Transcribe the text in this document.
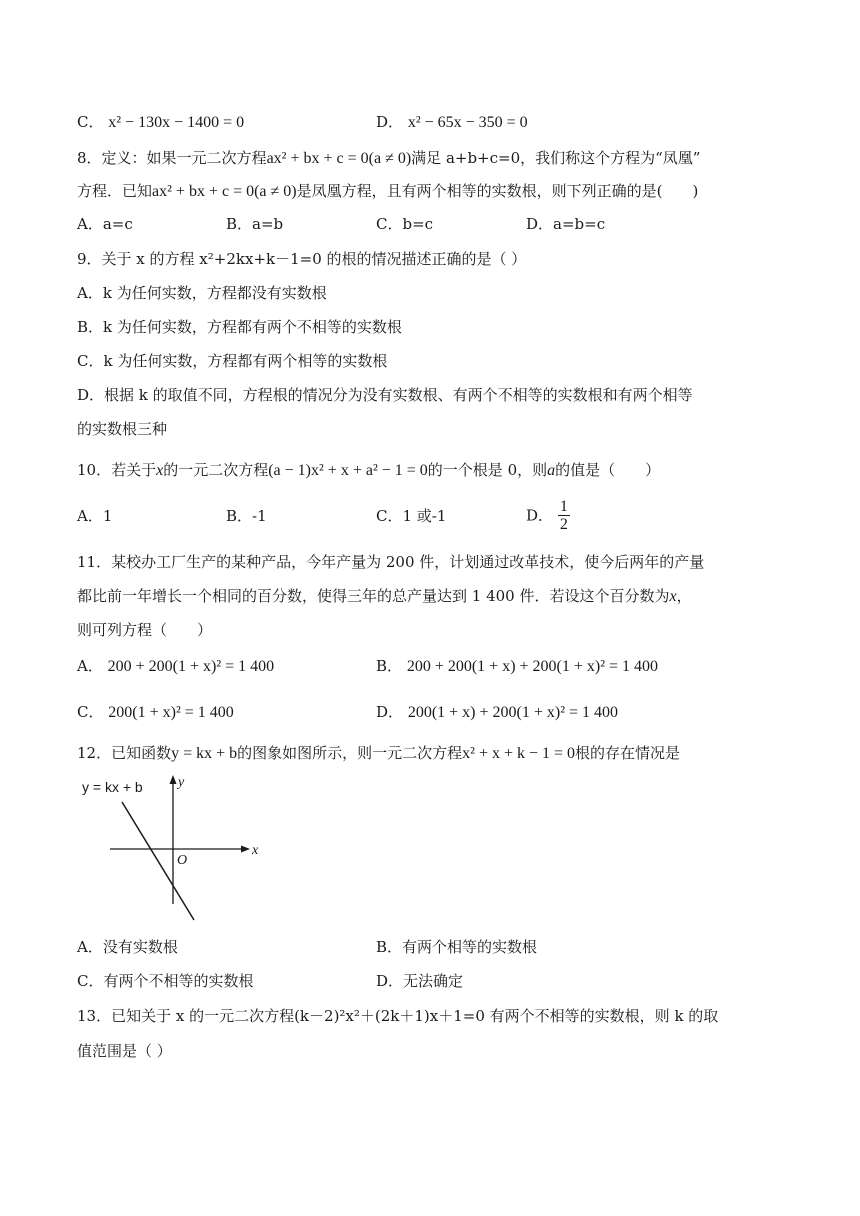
C． x² − 130x − 1400 = 0	D． x² − 65x − 350 = 0
8．定义：如果一元二次方程ax² + bx + c = 0(a ≠ 0)满足 a+b+c=0，我们称这个方程为“凤凰”
方程．已知ax² + bx + c = 0(a ≠ 0)是凤凰方程，且有两个相等的实数根，则下列正确的是(　　)
A．a=c	B．a=b	C．b=c	D．a=b=c
9．关于 x 的方程 x²+2kx+k－1=0 的根的情况描述正确的是（ ）
A．k 为任何实数，方程都没有实数根
B．k 为任何实数，方程都有两个不相等的实数根
C．k 为任何实数，方程都有两个相等的实数根
D．根据 k 的取值不同，方程根的情况分为没有实数根、有两个不相等的实数根和有两个相等
的实数根三种
10．若关于x的一元二次方程(a − 1)x² + x + a² − 1 = 0的一个根是 0，则a的值是（　　）
A．1	B．-1	C．1 或-1	D． $\frac{1}{2}$
11．某校办工厂生产的某种产品，今年产量为 200 件，计划通过改革技术，使今后两年的产量
都比前一年增长一个相同的百分数，使得三年的总产量达到 1 400 件．若设这个百分数为x，
则可列方程（　　）
A． 200 + 200(1 + x)² = 1 400	B． 200 + 200(1 + x) + 200(1 + x)² = 1 400
C． 200(1 + x)² = 1 400	D． 200(1 + x) + 200(1 + x)² = 1 400
12．已知函数y = kx + b的图象如图所示，则一元二次方程x² + x + k − 1 = 0根的存在情况是
y = kx + b
x
y
O
A．没有实数根	B．有两个相等的实数根
C．有两个不相等的实数根	D．无法确定
13．已知关于 x 的一元二次方程(k－2)²x²＋(2k＋1)x＋1=0 有两个不相等的实数根，则 k 的取
值范围是（ ）
